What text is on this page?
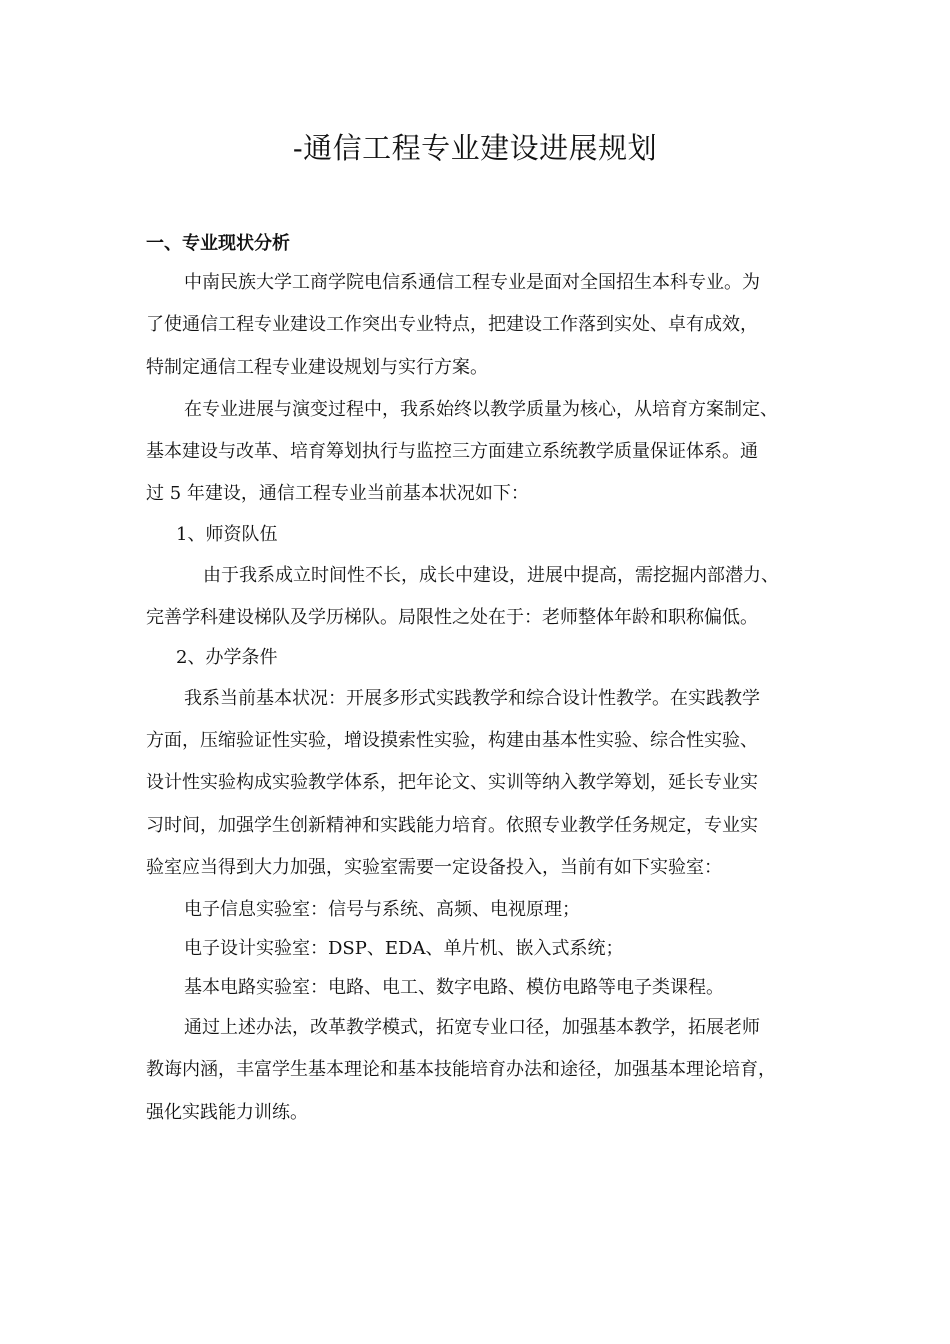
-通信工程专业建设进展规划
一、专业现状分析
中南民族大学工商学院电信系通信工程专业是面对全国招生本科专业。为
了使通信工程专业建设工作突出专业特点，把建设工作落到实处、卓有成效，
特制定通信工程专业建设规划与实行方案。
在专业进展与演变过程中，我系始终以教学质量为核心，从培育方案制定、
基本建设与改革、培育筹划执行与监控三方面建立系统教学质量保证体系。通
过 5 年建设，通信工程专业当前基本状况如下：
1、师资队伍
由于我系成立时间性不长，成长中建设，进展中提高，需挖掘内部潜力、
完善学科建设梯队及学历梯队。局限性之处在于：老师整体年龄和职称偏低。
2、办学条件
我系当前基本状况：开展多形式实践教学和综合设计性教学。在实践教学
方面，压缩验证性实验，增设摸索性实验，构建由基本性实验、综合性实验、
设计性实验构成实验教学体系，把年论文、实训等纳入教学筹划，延长专业实
习时间，加强学生创新精神和实践能力培育。依照专业教学任务规定，专业实
验室应当得到大力加强，实验室需要一定设备投入，当前有如下实验室：
电子信息实验室：信号与系统、高频、电视原理；
电子设计实验室：DSP、EDA、单片机、嵌入式系统；
基本电路实验室：电路、电工、数字电路、模仿电路等电子类课程。
通过上述办法，改革教学模式，拓宽专业口径，加强基本教学，拓展老师
教诲内涵，丰富学生基本理论和基本技能培育办法和途径，加强基本理论培育，
强化实践能力训练。
